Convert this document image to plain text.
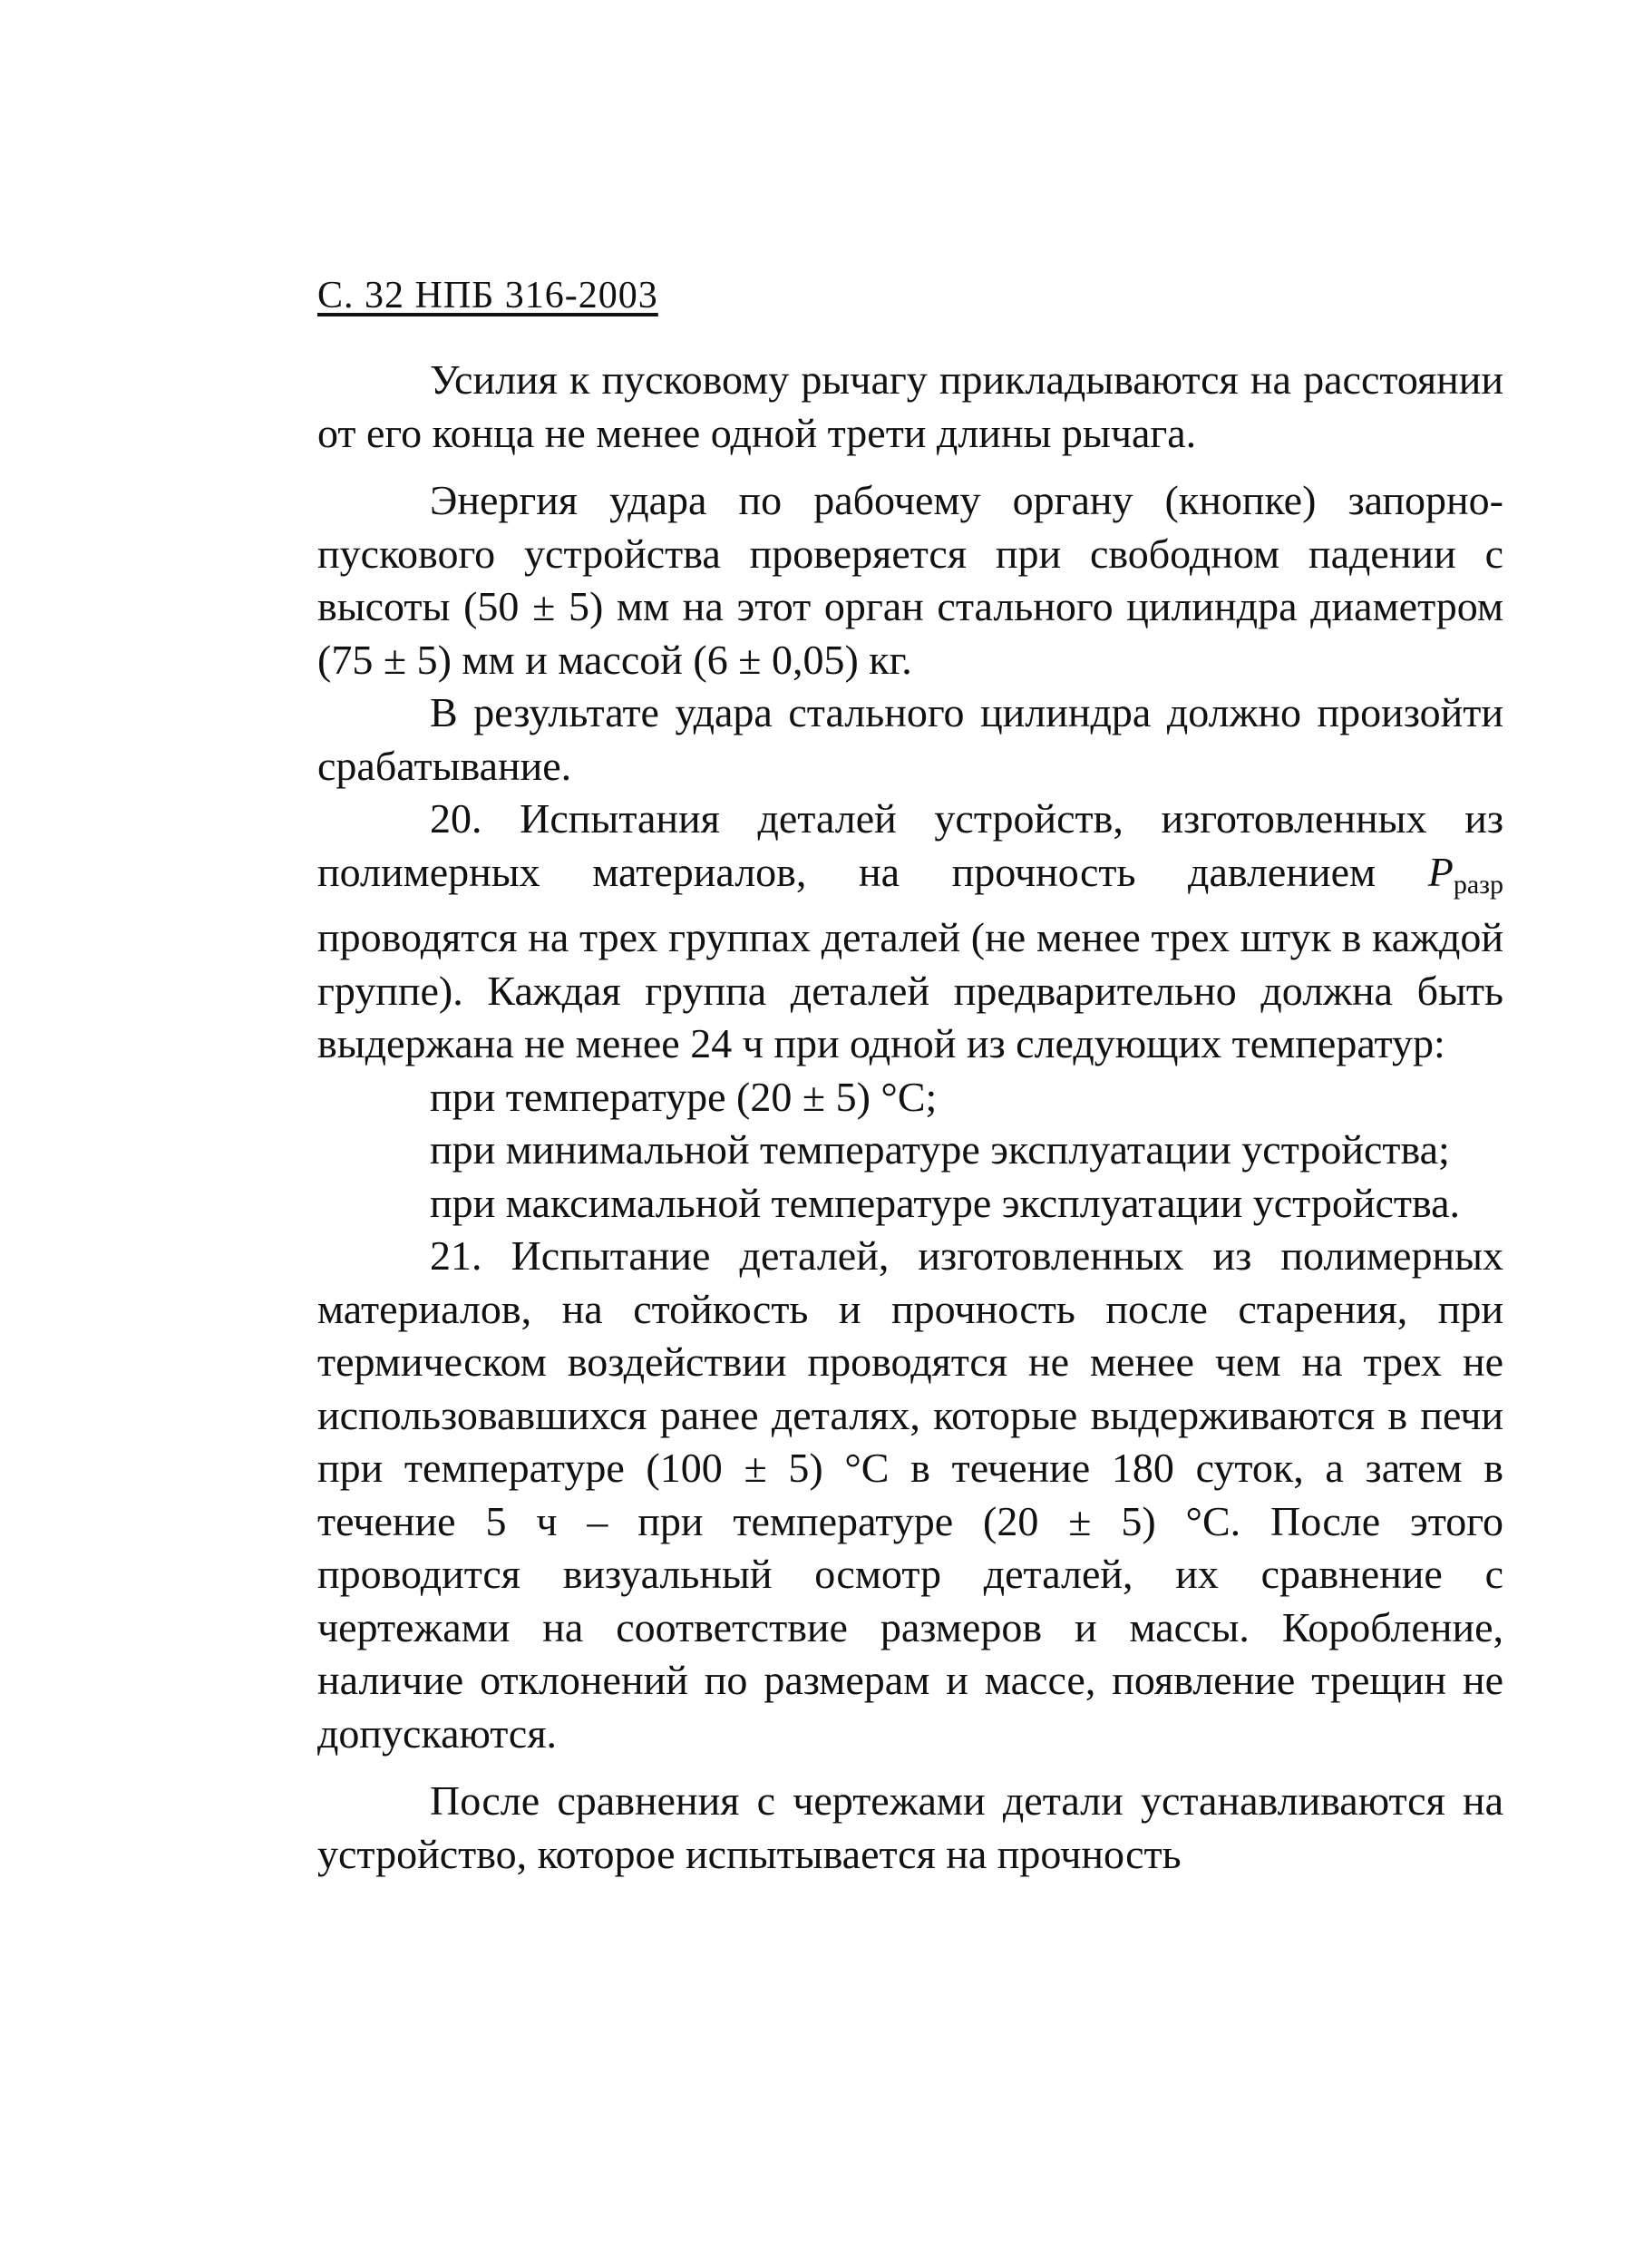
С. 32 НПБ 316-2003

Усилия к пусковому рычагу прикладываются на расстоянии от его конца не менее одной трети длины рычага.

Энергия удара по рабочему органу (кнопке) запорно-пускового устройства проверяется при свободном падении с высоты (50 ± 5) мм на этот орган стального цилиндра диаметром (75 ± 5) мм и массой (6 ± 0,05) кг.

В результате удара стального цилиндра должно произойти срабатывание.

20. Испытания деталей устройств, изготовленных из полимерных материалов, на прочность давлением $P_{разр}$ проводятся на трех группах деталей (не менее трех штук в каждой группе). Каждая группа деталей предварительно должна быть выдержана не менее 24 ч при одной из следующих температур:

при температуре (20 ± 5) °С;

при минимальной температуре эксплуатации устройства;

при максимальной температуре эксплуатации устройства.

21. Испытание деталей, изготовленных из полимерных материалов, на стойкость и прочность после старения, при термическом воздействии проводятся не менее чем на трех не использовавшихся ранее деталях, которые выдерживаются в печи при температуре (100 ± 5) °С в течение 180 суток, а затем в течение 5 ч – при температуре (20 ± 5) °С. После этого проводится визуальный осмотр деталей, их сравнение с чертежами на соответствие размеров и массы. Коробление, наличие отклонений по размерам и массе, появление трещин не допускаются.

После сравнения с чертежами детали устанавливаются на устройство, которое испытывается на прочность
